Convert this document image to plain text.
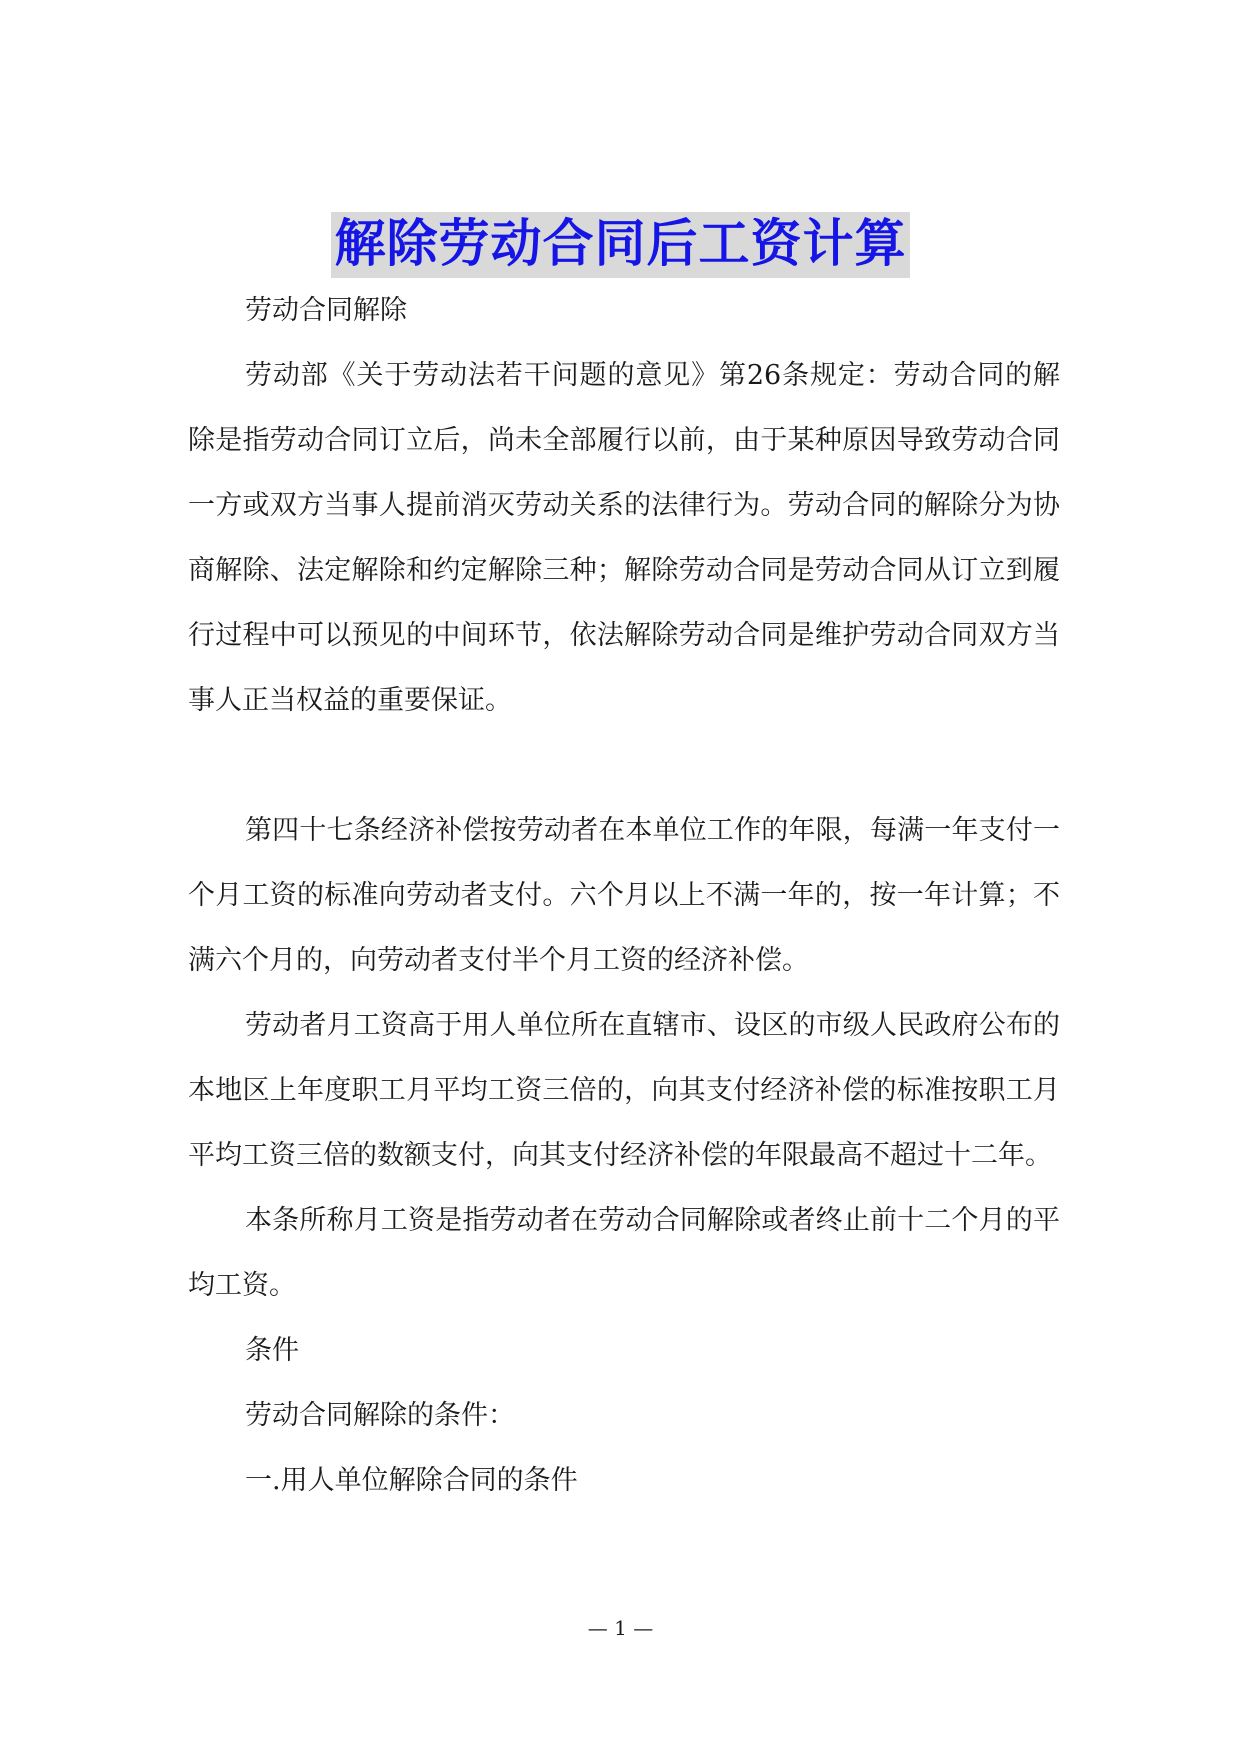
解除劳动合同后工资计算

劳动合同解除

劳动部《关于劳动法若干问题的意见》第26条规定：劳动合同的解除是指劳动合同订立后，尚未全部履行以前，由于某种原因导致劳动合同一方或双方当事人提前消灭劳动关系的法律行为。劳动合同的解除分为协商解除、法定解除和约定解除三种；解除劳动合同是劳动合同从订立到履行过程中可以预见的中间环节，依法解除劳动合同是维护劳动合同双方当事人正当权益的重要保证。

第四十七条经济补偿按劳动者在本单位工作的年限，每满一年支付一个月工资的标准向劳动者支付。六个月以上不满一年的，按一年计算；不满六个月的，向劳动者支付半个月工资的经济补偿。

劳动者月工资高于用人单位所在直辖市、设区的市级人民政府公布的本地区上年度职工月平均工资三倍的，向其支付经济补偿的标准按职工月平均工资三倍的数额支付，向其支付经济补偿的年限最高不超过十二年。

本条所称月工资是指劳动者在劳动合同解除或者终止前十二个月的平均工资。

条件

劳动合同解除的条件：

一.用人单位解除合同的条件

— 1 —
